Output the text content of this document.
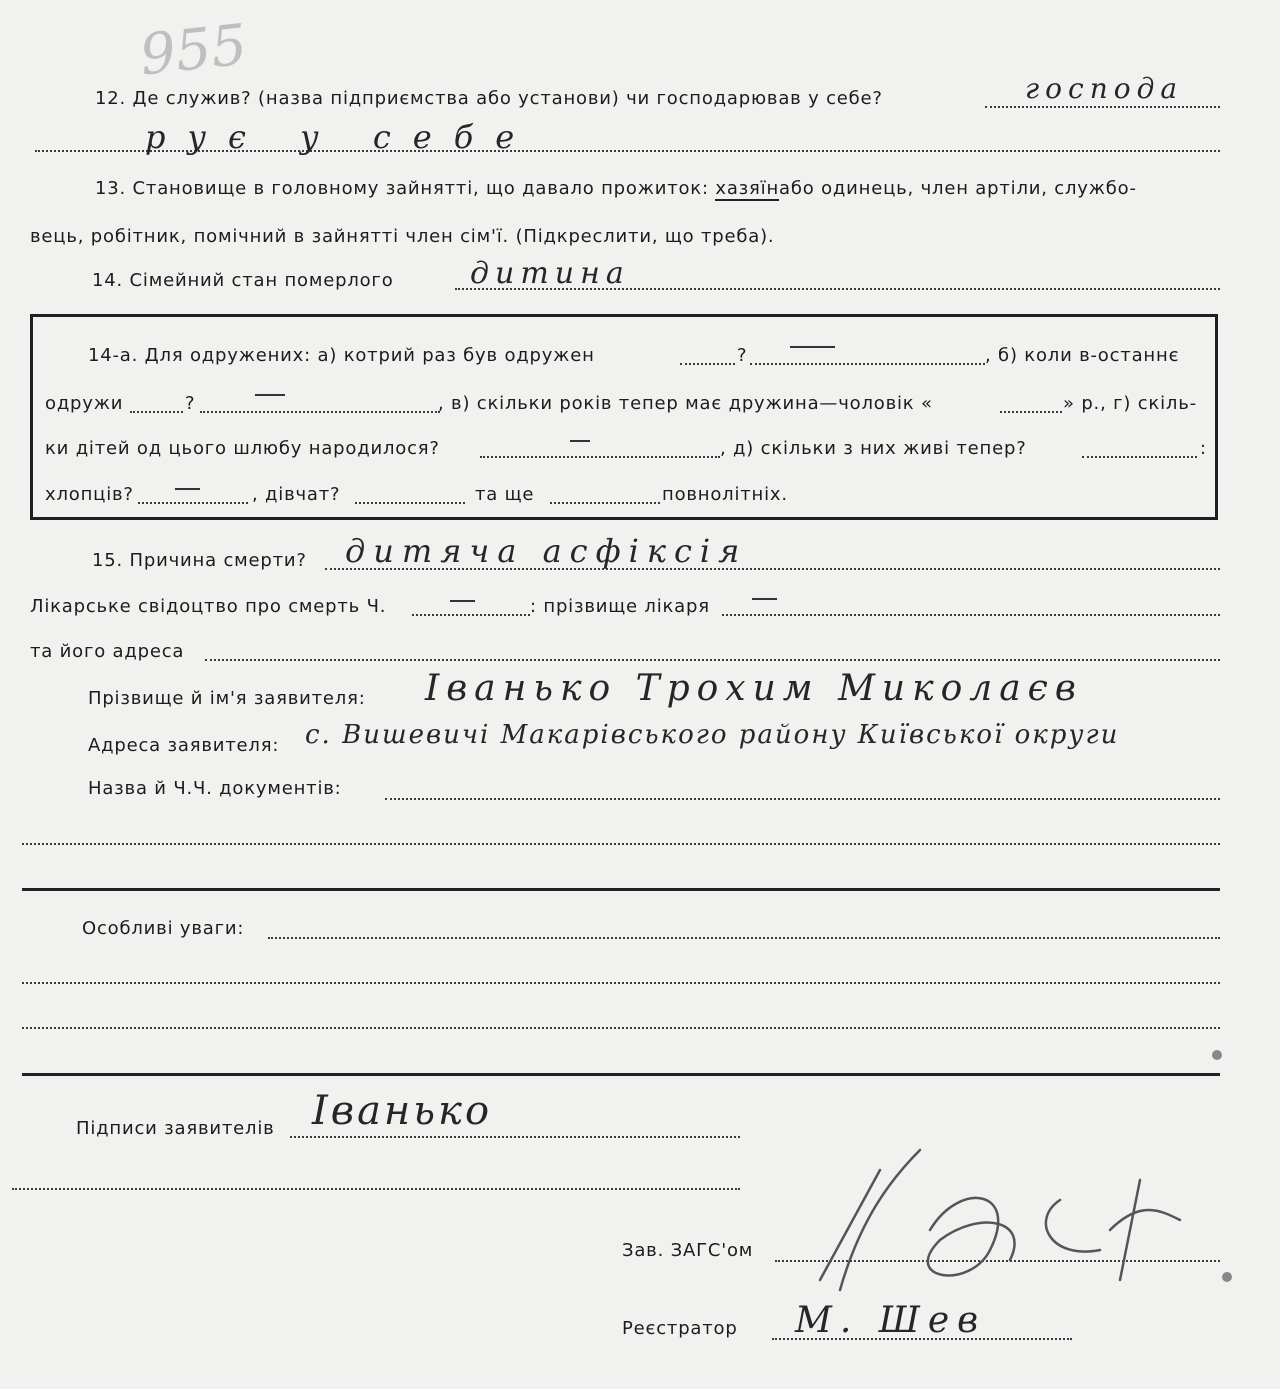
955
12. Де служив? (назва підприємства або установи) чи господарював у себе?	господа
рує у себе
13. Становище в головному зайнятті, що давало прожиток: хазяїнабо одинець, член артіли, службо-
вець, робітник, помічний в зайнятті член сім'ї. (Підкреслити, що треба).
14. Сімейний стан померлого	дитина
14-а. Для одружених: а) котрий раз був одружен	?	, б) коли в-останнє
одружи	?	, в) скільки років тепер має дружина—чоловік «	» р., г) скіль-
ки дітей од цього шлюбу народилося?	, д) скільки з них живі тепер?	:
хлопців?	, дівчат?	та ще	повнолітніх.
15. Причина смерти? дитяча асфіксія
Лікарське свідоцтво про смерть Ч.	: прізвище лікаря
та його адреса
Прізвище й ім'я заявителя: Іванько Трохим Миколаєв
Адреса заявителя: с. Вишевичі Макарівського району Київської округи
Назва й Ч.Ч. документів:
Особливі уваги:
Підписи заявителів Іванько
Зав. ЗАГС'ом
Реєстратор М. Шев
